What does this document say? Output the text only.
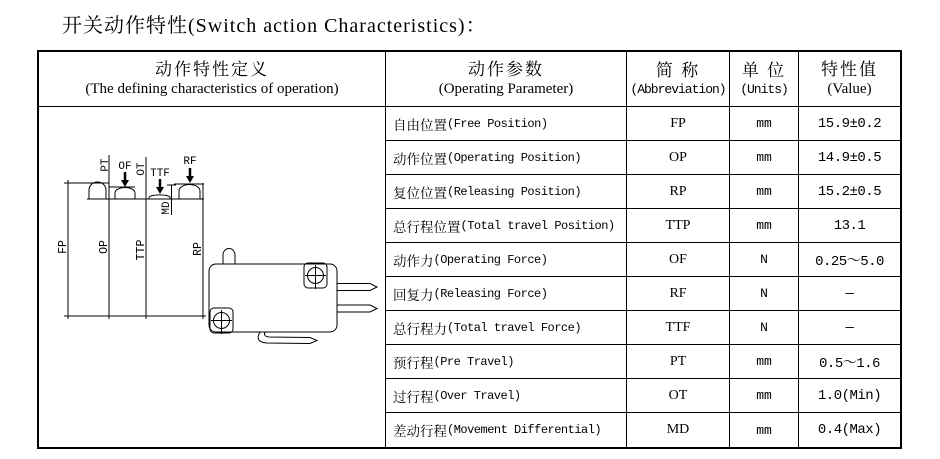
开关动作特性(Switch action Characteristics)：
动作特性定义
(The defining characteristics of operation)
动作参数
(Operating Parameter)
简 称
(Abbreviation)
单 位
(Units)
特性值
(Value)
OF
TTF
RF
PT OT
MD
FP OP TTP	RP
自由位置 (Free Position)	FP	mm	15.9±0.2
动作位置 (Operating Position)	OP	mm	14.9±0.5
复位位置 (Releasing Position)	RP	mm	15.2±0.5
总行程位置 (Total travel Position)	TTP	mm	13.1
动作力 (Operating Force)	OF	N	0.25～5.0
回复力 (Releasing Force)	RF	N	—
总行程力 (Total travel Force)	TTF	N	—
预行程 (Pre Travel)	PT	mm	0.5～1.6
过行程 (Over Travel)	OT	mm	1.0(Min)
差动行程 (Movement Differential)	MD	mm	0.4(Max)
